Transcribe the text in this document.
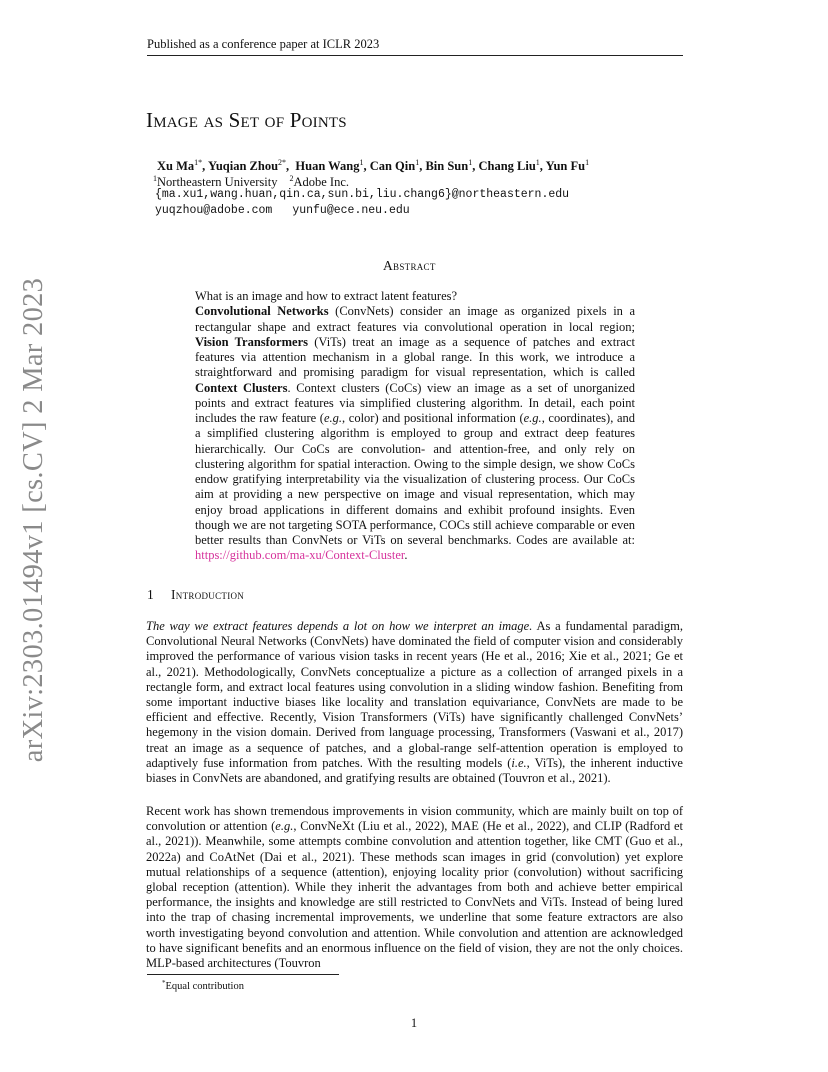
Published as a conference paper at ICLR 2023
arXiv:2303.01494v1 [cs.CV] 2 Mar 2023
Image as Set of Points
Xu $Ma^{1*}$, Yuqian Zhou$^{2*}$,  Huan Wang$^1$, Can Qin$^1$, Bin Sun$^1$, Chang Liu$^1$, Yun Fu$^1$
$^1$Northeastern University $^2$Adobe Inc.
{ma.xu1,wang.huan,qin.ca,sun.bi,liu.chang6}@northeastern.edu
yuqzhou@adobe.com yunfu@ece.neu.edu
Abstract

What is an image and how to extract latent features?
Convolutional Networks (ConvNets) consider an image as organized pixels in a rectangular shape and extract features via convolutional operation in local region; Vision Transformers (ViTs) treat an image as a sequence of patches and extract features via attention mechanism in a global range. In this work, we introduce a straightforward and promising paradigm for visual representation, which is called Context Clusters. Context clusters (CoCs) view an image as a set of unorganized points and extract features via simplified clustering algorithm. In detail, each point includes the raw feature (e.g., color) and positional information (e.g., coordinates), and a simplified clustering algorithm is employed to group and extract deep features hierarchically. Our CoCs are convolution- and attention-free, and only rely on clustering algorithm for spatial interaction. Owing to the simple design, we show CoCs endow gratifying interpretability via the visualization of clustering process. Our CoCs aim at providing a new perspective on image and visual representation, which may enjoy broad applications in different domains and exhibit profound insights. Even though we are not targeting SOTA performance, COCs still achieve comparable or even better results than ConvNets or ViTs on several benchmarks. Codes are available at: https://github.com/ma-xu/Context-Cluster.

1 Introduction

The way we extract features depends a lot on how we interpret an image. As a fundamental paradigm, Convolutional Neural Networks (ConvNets) have dominated the field of computer vision and considerably improved the performance of various vision tasks in recent years (He et al., 2016; Xie et al., 2021; Ge et al., 2021). Methodologically, ConvNets conceptualize a picture as a collection of arranged pixels in a rectangle form, and extract local features using convolution in a sliding window fashion. Benefiting from some important inductive biases like locality and translation equivariance, ConvNets are made to be efficient and effective. Recently, Vision Transformers (ViTs) have significantly challenged ConvNets’ hegemony in the vision domain. Derived from language processing, Transformers (Vaswani et al., 2017) treat an image as a sequence of patches, and a global-range self-attention operation is employed to adaptively fuse information from patches. With the resulting models (i.e., ViTs), the inherent inductive biases in ConvNets are abandoned, and gratifying results are obtained (Touvron et al., 2021).

Recent work has shown tremendous improvements in vision community, which are mainly built on top of convolution or attention (e.g., ConvNeXt (Liu et al., 2022), MAE (He et al., 2022), and CLIP (Radford et al., 2021)). Meanwhile, some attempts combine convolution and attention together, like CMT (Guo et al., 2022a) and CoAtNet (Dai et al., 2021). These methods scan images in grid (convolution) yet explore mutual relationships of a sequence (attention), enjoying locality prior (convolution) without sacrificing global reception (attention). While they inherit the advantages from both and achieve better empirical performance, the insights and knowledge are still restricted to ConvNets and ViTs. Instead of being lured into the trap of chasing incremental improvements, we underline that some feature extractors are also worth investigating beyond convolution and attention. While convolution and attention are acknowledged to have significant benefits and an enormous influence on the field of vision, they are not the only choices. MLP-based architectures (Touvron

*Equal contribution
1
